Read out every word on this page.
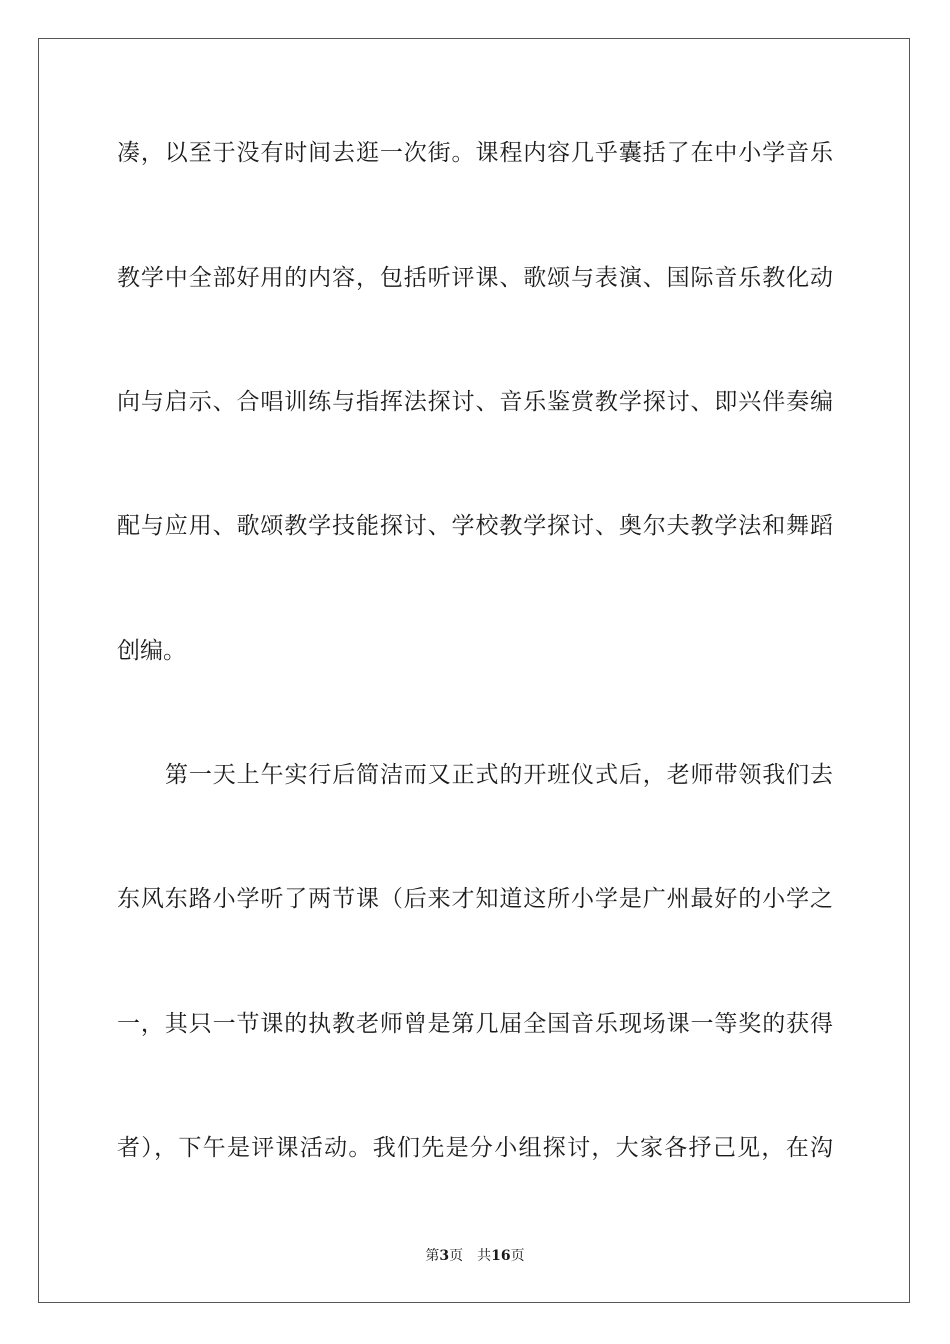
凑，以至于没有时间去逛一次街。课程内容几乎囊括了在中小学音乐
教学中全部好用的内容，包括听评课、歌颂与表演、国际音乐教化动
向与启示、合唱训练与指挥法探讨、音乐鉴赏教学探讨、即兴伴奏编
配与应用、歌颂教学技能探讨、学校教学探讨、奥尔夫教学法和舞蹈
创编。
第一天上午实行后简洁而又正式的开班仪式后，老师带领我们去
东风东路小学听了两节课（后来才知道这所小学是广州最好的小学之
一，其只一节课的执教老师曾是第几届全国音乐现场课一等奖的获得
者），下午是评课活动。我们先是分小组探讨，大家各抒己见，在沟
第3页 共16页
